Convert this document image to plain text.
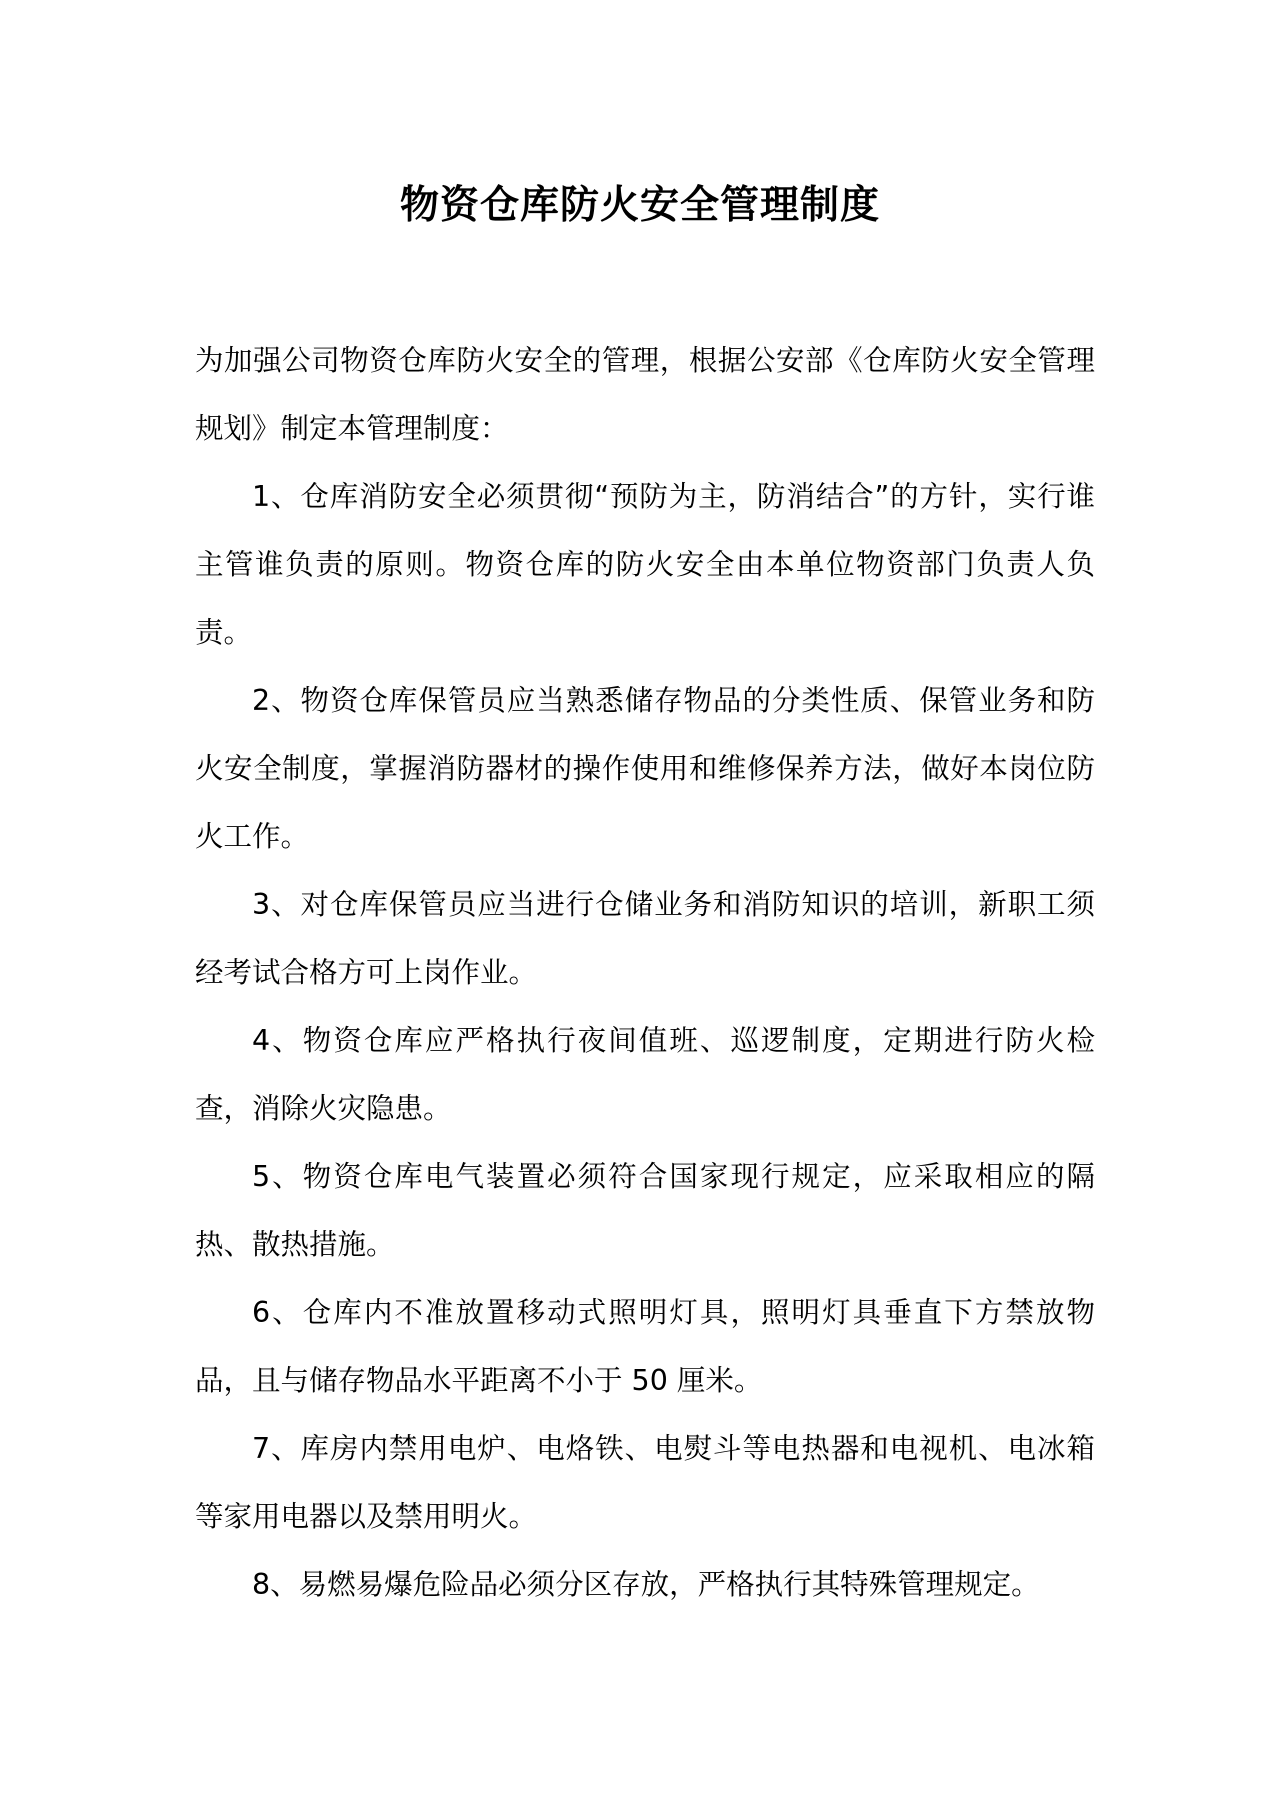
物资仓库防火安全管理制度

为加强公司物资仓库防火安全的管理，根据公安部《仓库防火安全管理规划》制定本管理制度：

1、仓库消防安全必须贯彻“预防为主，防消结合”的方针，实行谁主管谁负责的原则。物资仓库的防火安全由本单位物资部门负责人负责。

2、物资仓库保管员应当熟悉储存物品的分类性质、保管业务和防火安全制度，掌握消防器材的操作使用和维修保养方法，做好本岗位防火工作。

3、对仓库保管员应当进行仓储业务和消防知识的培训，新职工须经考试合格方可上岗作业。

4、物资仓库应严格执行夜间值班、巡逻制度，定期进行防火检查，消除火灾隐患。

5、物资仓库电气装置必须符合国家现行规定，应采取相应的隔热、散热措施。

6、仓库内不准放置移动式照明灯具，照明灯具垂直下方禁放物品，且与储存物品水平距离不小于 50 厘米。

7、库房内禁用电炉、电烙铁、电熨斗等电热器和电视机、电冰箱等家用电器以及禁用明火。

8、易燃易爆危险品必须分区存放，严格执行其特殊管理规定。
